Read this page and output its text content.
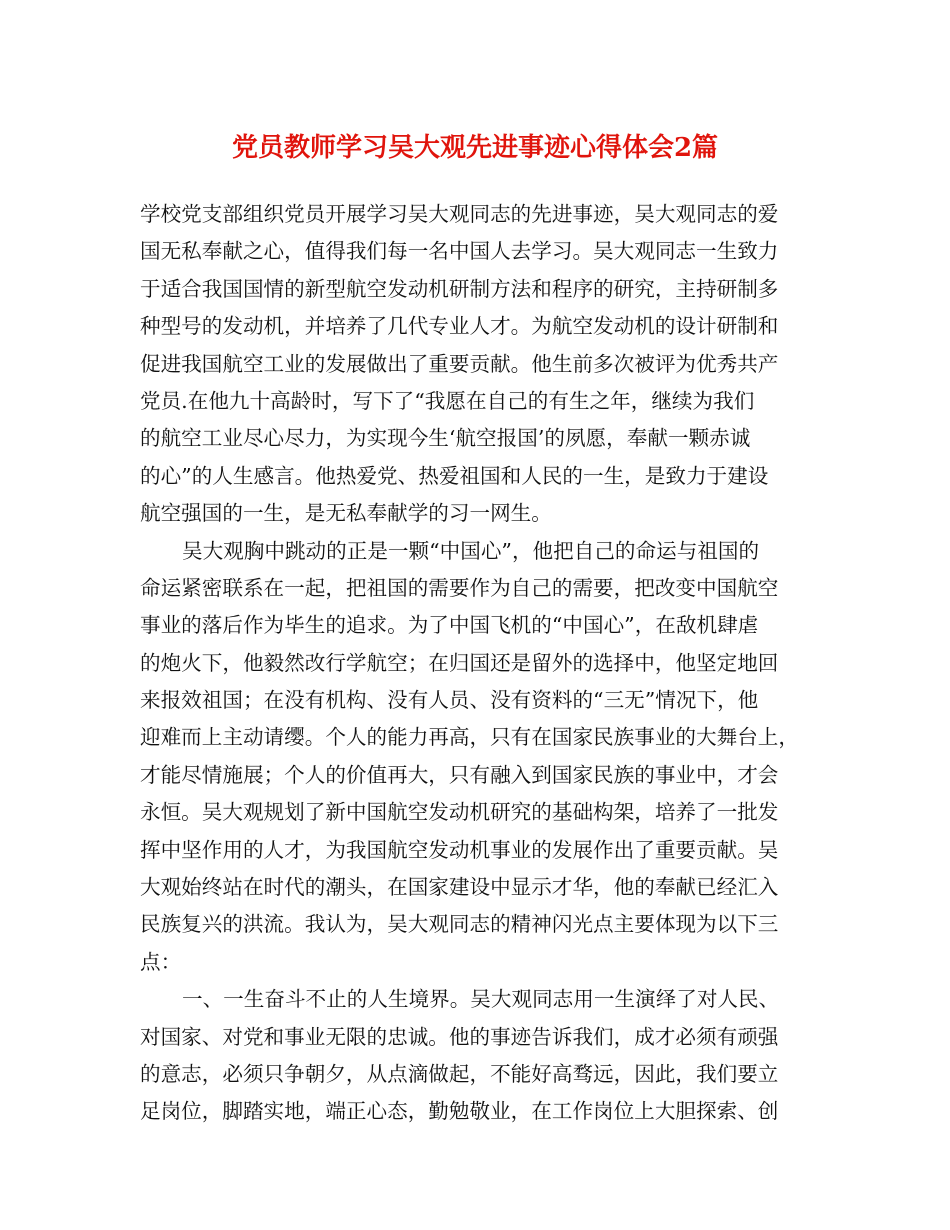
党员教师学习吴大观先进事迹心得体会2篇
学校党支部组织党员开展学习吴大观同志的先进事迹，吴大观同志的爱
国无私奉献之心，值得我们每一名中国人去学习。吴大观同志一生致力
于适合我国国情的新型航空发动机研制方法和程序的研究，主持研制多
种型号的发动机，并培养了几代专业人才。为航空发动机的设计研制和
促进我国航空工业的发展做出了重要贡献。他生前多次被评为优秀共产
党员.在他九十高龄时，写下了“我愿在自己的有生之年，继续为我们
的航空工业尽心尽力，为实现今生‘航空报国’的夙愿，奉献一颗赤诚
的心”的人生感言。他热爱党、热爱祖国和人民的一生，是致力于建设
航空强国的一生，是无私奉献学的习一网生。
吴大观胸中跳动的正是一颗“中国心”，他把自己的命运与祖国的
命运紧密联系在一起，把祖国的需要作为自己的需要，把改变中国航空
事业的落后作为毕生的追求。为了中国飞机的“中国心”，在敌机肆虐
的炮火下，他毅然改行学航空；在归国还是留外的选择中，他坚定地回
来报效祖国；在没有机构、没有人员、没有资料的“三无”情况下，他
迎难而上主动请缨。个人的能力再高，只有在国家民族事业的大舞台上，
才能尽情施展；个人的价值再大，只有融入到国家民族的事业中，才会
永恒。吴大观规划了新中国航空发动机研究的基础构架，培养了一批发
挥中坚作用的人才，为我国航空发动机事业的发展作出了重要贡献。吴
大观始终站在时代的潮头，在国家建设中显示才华，他的奉献已经汇入
民族复兴的洪流。我认为，吴大观同志的精神闪光点主要体现为以下三
点：
一、一生奋斗不止的人生境界。吴大观同志用一生演绎了对人民、
对国家、对党和事业无限的忠诚。他的事迹告诉我们，成才必须有顽强
的意志，必须只争朝夕，从点滴做起，不能好高骛远，因此，我们要立
足岗位，脚踏实地，端正心态，勤勉敬业，在工作岗位上大胆探索、创
